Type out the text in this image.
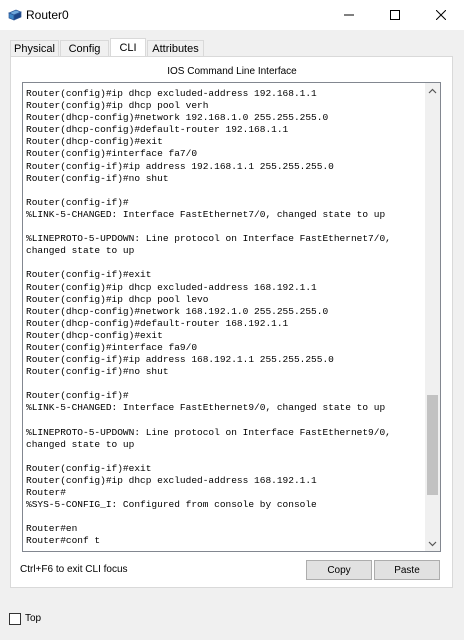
Router0
Physical	Config	CLI	Attributes
IOS Command Line Interface
Router(config)#ip dhcp excluded-address 192.168.1.1
Router(config)#ip dhcp pool verh
Router(dhcp-config)#network 192.168.1.0 255.255.255.0
Router(dhcp-config)#default-router 192.168.1.1
Router(dhcp-config)#exit
Router(config)#interface fa7/0
Router(config-if)#ip address 192.168.1.1 255.255.255.0
Router(config-if)#no shut

Router(config-if)#
%LINK-5-CHANGED: Interface FastEthernet7/0, changed state to up

%LINEPROTO-5-UPDOWN: Line protocol on Interface FastEthernet7/0,
changed state to up

Router(config-if)#exit
Router(config)#ip dhcp excluded-address 168.192.1.1
Router(config)#ip dhcp pool levo
Router(dhcp-config)#network 168.192.1.0 255.255.255.0
Router(dhcp-config)#default-router 168.192.1.1
Router(dhcp-config)#exit
Router(config)#interface fa9/0
Router(config-if)#ip address 168.192.1.1 255.255.255.0
Router(config-if)#no shut

Router(config-if)#
%LINK-5-CHANGED: Interface FastEthernet9/0, changed state to up

%LINEPROTO-5-UPDOWN: Line protocol on Interface FastEthernet9/0,
changed state to up

Router(config-if)#exit
Router(config)#ip dhcp excluded-address 168.192.1.1
Router#
%SYS-5-CONFIG_I: Configured from console by console

Router#en
Router#conf t
Ctrl+F6 to exit CLI focus	Copy	Paste
Top
